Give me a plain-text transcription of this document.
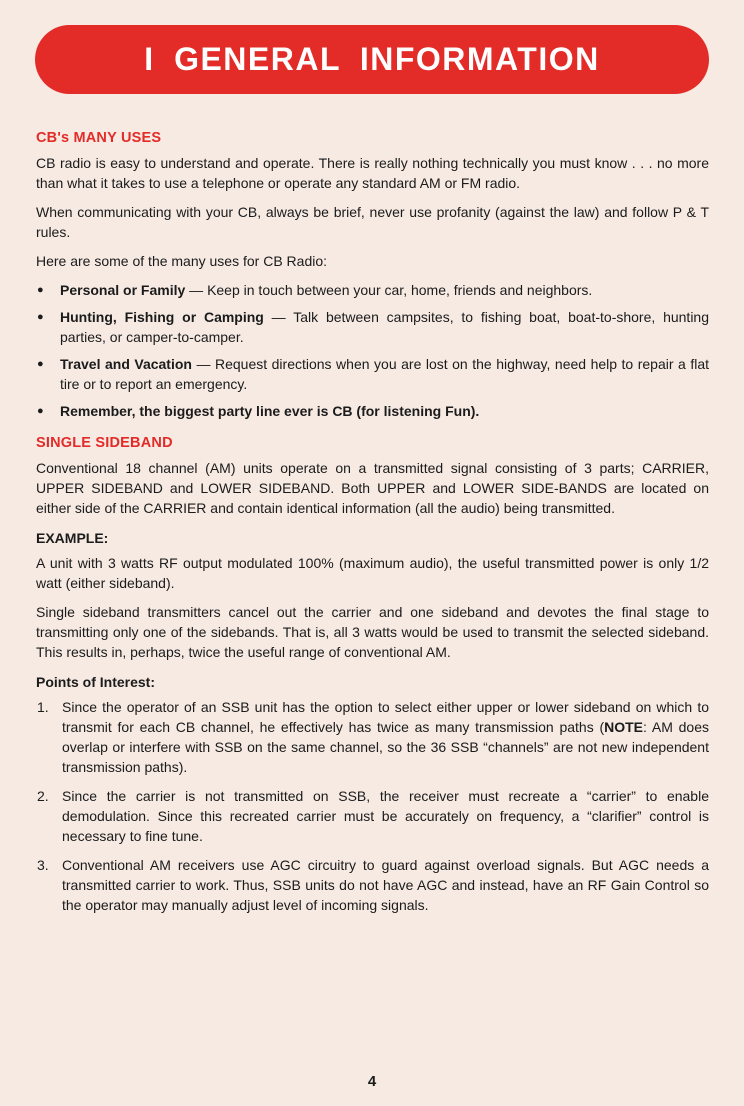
I GENERAL INFORMATION
CB's MANY USES

CB radio is easy to understand and operate. There is really nothing technically you must know . . . no more than what it takes to use a telephone or operate any standard AM or FM radio.

When communicating with your CB, always be brief, never use profanity (against the law) and follow P & T rules.

Here are some of the many uses for CB Radio:

● Personal or Family — Keep in touch between your car, home, friends and neighbors.
● Hunting, Fishing or Camping — Talk between campsites, to fishing boat, boat-to-shore, hunting parties, or camper-to-camper.
● Travel and Vacation — Request directions when you are lost on the highway, need help to repair a flat tire or to report an emergency.
● Remember, the biggest party line ever is CB (for listening Fun).
SINGLE SIDEBAND

Conventional 18 channel (AM) units operate on a transmitted signal consisting of 3 parts; CARRIER, UPPER SIDEBAND and LOWER SIDEBAND. Both UPPER and LOWER SIDE-BANDS are located on either side of the CARRIER and contain identical information (all the audio) being transmitted.

EXAMPLE:

A unit with 3 watts RF output modulated 100% (maximum audio), the useful transmitted power is only 1/2 watt (either sideband).

Single sideband transmitters cancel out the carrier and one sideband and devotes the final stage to transmitting only one of the sidebands. That is, all 3 watts would be used to transmit the selected sideband. This results in, perhaps, twice the useful range of conventional AM.

Points of Interest:
1. Since the operator of an SSB unit has the option to select either upper or lower sideband on which to transmit for each CB channel, he effectively has twice as many transmission paths (NOTE: AM does overlap or interfere with SSB on the same channel, so the 36 SSB “channels” are not new independent transmission paths).
2. Since the carrier is not transmitted on SSB, the receiver must recreate a “carrier” to enable demodulation. Since this recreated carrier must be accurately on frequency, a “clarifier” control is necessary to fine tune.
3. Conventional AM receivers use AGC circuitry to guard against overload signals. But AGC needs a transmitted carrier to work. Thus, SSB units do not have AGC and instead, have an RF Gain Control so the operator may manually adjust level of incoming signals.
4
